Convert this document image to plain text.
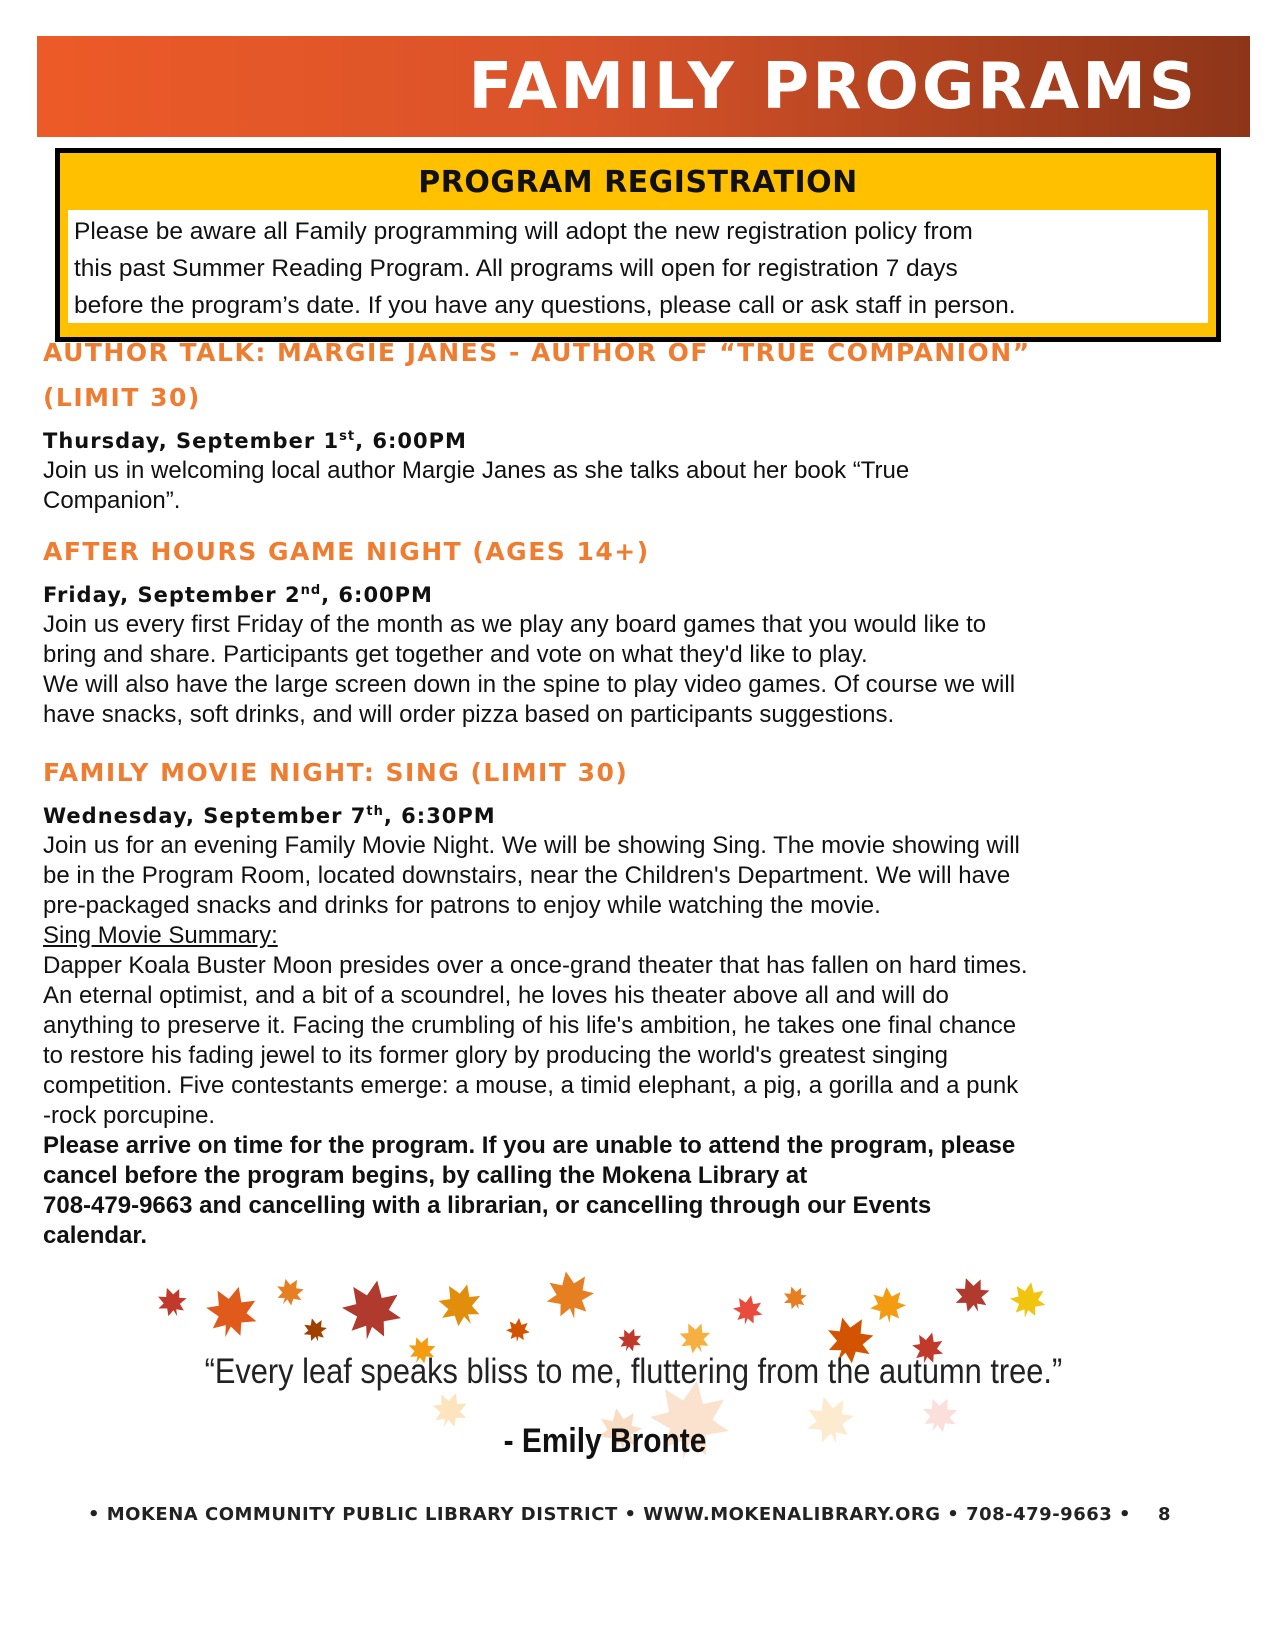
FAMILY PROGRAMS
PROGRAM REGISTRATION
Please be aware all Family programming will adopt the new registration policy from
this past Summer Reading Program. All programs will open for registration 7 days
before the program’s date. If you have any questions, please call or ask staff in person.
AUTHOR TALK: MARGIE JANES - AUTHOR OF “TRUE COMPANION”
(LIMIT 30)
Thursday, September 1st, 6:00PM
Join us in welcoming local author Margie Janes as she talks about her book “True
Companion”.
AFTER HOURS GAME NIGHT (AGES 14+)
Friday, September 2nd, 6:00PM
Join us every first Friday of the month as we play any board games that you would like to
bring and share. Participants get together and vote on what they'd like to play.
We will also have the large screen down in the spine to play video games. Of course we will
have snacks, soft drinks, and will order pizza based on participants suggestions.
FAMILY MOVIE NIGHT: SING (LIMIT 30)
Wednesday, September 7th, 6:30PM
Join us for an evening Family Movie Night. We will be showing Sing. The movie showing will
be in the Program Room, located downstairs, near the Children's Department. We will have
pre-packaged snacks and drinks for patrons to enjoy while watching the movie.
Sing Movie Summary:
Dapper Koala Buster Moon presides over a once-grand theater that has fallen on hard times.
An eternal optimist, and a bit of a scoundrel, he loves his theater above all and will do
anything to preserve it. Facing the crumbling of his life's ambition, he takes one final chance
to restore his fading jewel to its former glory by producing the world's greatest singing
competition. Five contestants emerge: a mouse, a timid elephant, a pig, a gorilla and a punk
-rock porcupine.
Please arrive on time for the program. If you are unable to attend the program, please
cancel before the program begins, by calling the Mokena Library at
708-479-9663 and cancelling with a librarian, or cancelling through our Events
calendar.

“Every leaf speaks bliss to me, fluttering from the autumn tree.”

- Emily Bronte

• MOKENA COMMUNITY PUBLIC LIBRARY DISTRICT • WWW.MOKENALIBRARY.ORG • 708-479-9663 • 8
